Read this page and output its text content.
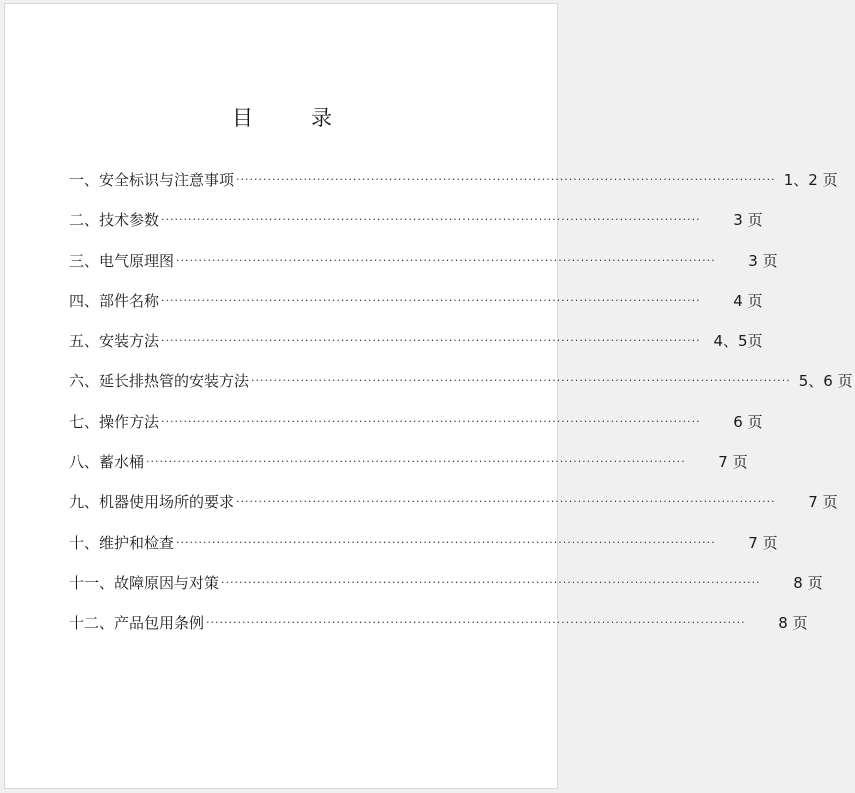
目	录
一、安全标识与注意事项 ························································································································ 1、2 页
二、技术参数 ························································································································	3 页
三、电气原理图 ························································································································	3 页
四、部件名称 ························································································································	4 页
五、安装方法 ························································································································ 4、5页
六、延长排热管的安装方法 ························································································································ 5、6 页
七、操作方法 ························································································································	6 页
八、蓄水桶 ························································································································	7 页
九、机器使用场所的要求 ························································································································	7 页
十、维护和检查 ························································································································	7 页
十一、故障原因与对策 ························································································································	8 页
十二、产品包用条例 ························································································································	8 页
